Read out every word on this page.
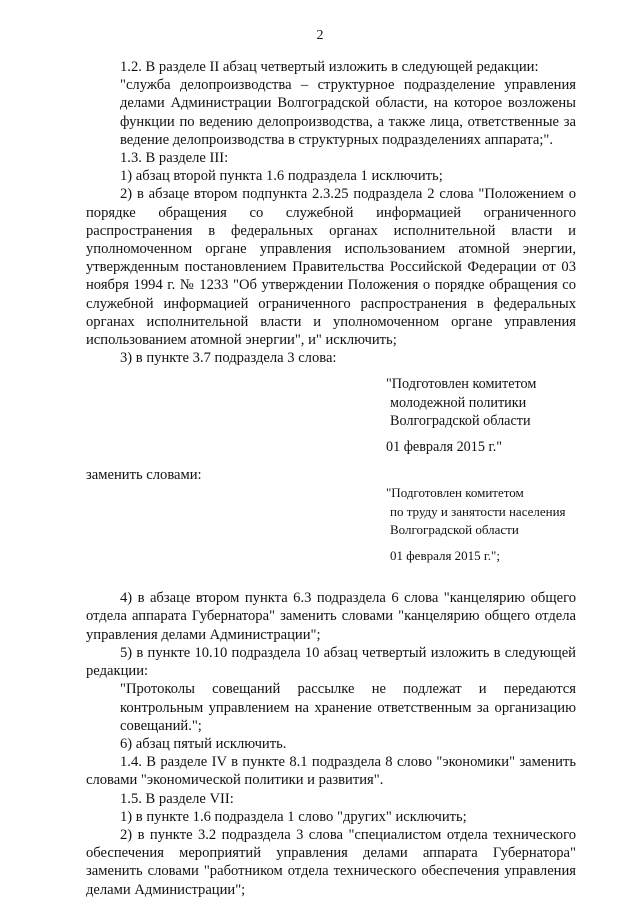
2

1.2. В разделе II абзац четвертый изложить в следующей редакции:

"служба делопроизводства – структурное подразделение управления делами Администрации Волгоградской области, на которое возложены функции по ведению делопроизводства, а также лица, ответственные за ведение делопроизводства в структурных подразделениях аппарата;".

1.3. В разделе III:

1) абзац второй пункта 1.6 подраздела 1 исключить;

2) в абзаце втором подпункта 2.3.25 подраздела 2 слова "Положением о порядке обращения со служебной информацией ограниченного распространения в федеральных органах исполнительной власти и уполномоченном органе управления использованием атомной энергии, утвержденным постановлением Правительства Российской Федерации от 03 ноября 1994 г. № 1233 "Об утверждении Положения о порядке обращения со служебной информацией ограниченного распространения в федеральных органах исполнительной власти и уполномоченном органе управления использованием атомной энергии", и" исключить;

3) в пункте 3.7 подраздела 3 слова:

"Подготовлен комитетом
молодежной политики
Волгоградской области
01 февраля 2015 г."

заменить словами:

"Подготовлен комитетом
по труду и занятости населения
Волгоградской области
01 февраля 2015 г.";

4) в абзаце втором пункта 6.3 подраздела 6 слова "канцелярию общего отдела аппарата Губернатора" заменить словами "канцелярию общего отдела управления делами Администрации";

5) в пункте 10.10 подраздела 10 абзац четвертый изложить в следующей редакции:

"Протоколы совещаний рассылке не подлежат и передаются контрольным управлением на хранение ответственным за организацию совещаний.";

6) абзац пятый исключить.

1.4. В разделе IV в пункте 8.1 подраздела 8 слово "экономики" заменить словами "экономической политики и развития".

1.5. В разделе VII:

1) в пункте 1.6 подраздела 1 слово "других" исключить;

2) в пункте 3.2 подраздела 3 слова "специалистом отдела технического обеспечения мероприятий управления делами аппарата Губернатора" заменить словами "работником отдела технического обеспечения управления делами Администрации";
